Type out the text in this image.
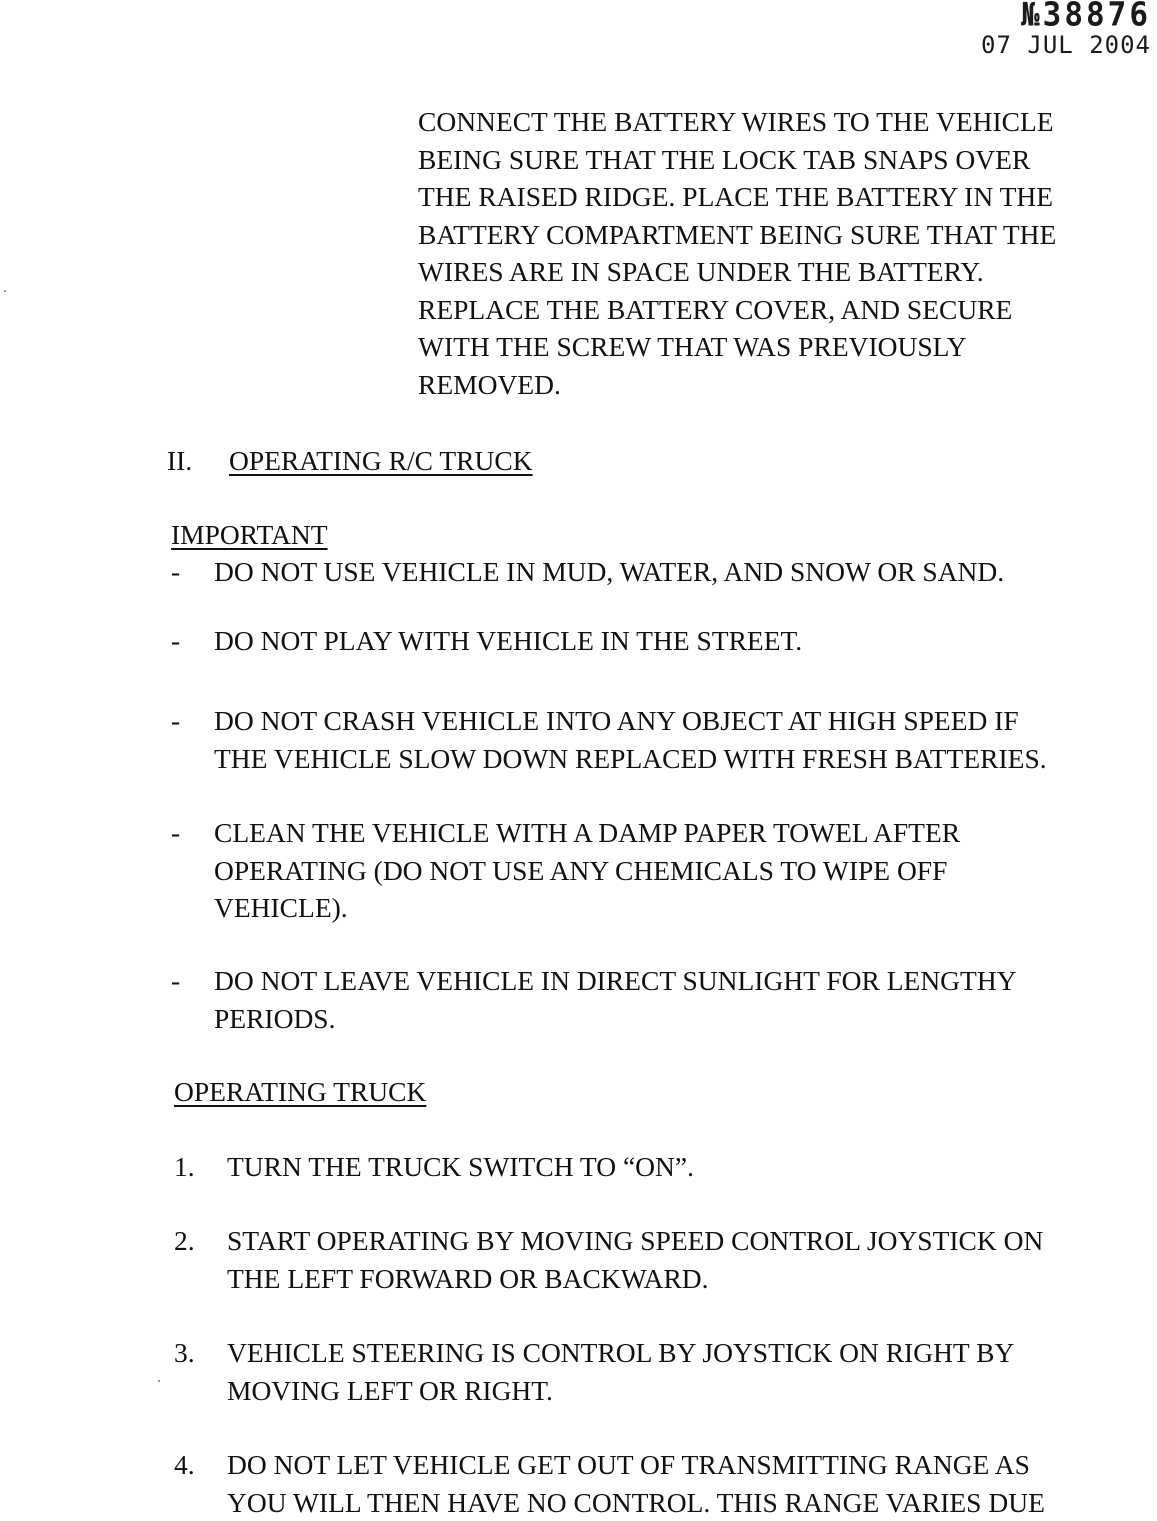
№38876
07 JUL 2004
CONNECT THE BATTERY WIRES TO THE VEHICLE
BEING SURE THAT THE LOCK TAB SNAPS OVER
THE RAISED RIDGE. PLACE THE BATTERY IN THE
BATTERY COMPARTMENT BEING SURE THAT THE
WIRES ARE IN SPACE UNDER THE BATTERY.
REPLACE THE BATTERY COVER, AND SECURE
WITH THE SCREW THAT WAS PREVIOUSLY
REMOVED.
II. OPERATING R/C TRUCK
IMPORTANT
- DO NOT USE VEHICLE IN MUD, WATER, AND SNOW OR SAND.
- DO NOT PLAY WITH VEHICLE IN THE STREET.
- DO NOT CRASH VEHICLE INTO ANY OBJECT AT HIGH SPEED IF
THE VEHICLE SLOW DOWN REPLACED WITH FRESH BATTERIES.
- CLEAN THE VEHICLE WITH A DAMP PAPER TOWEL AFTER
OPERATING (DO NOT USE ANY CHEMICALS TO WIPE OFF
VEHICLE).
- DO NOT LEAVE VEHICLE IN DIRECT SUNLIGHT FOR LENGTHY
PERIODS.
OPERATING TRUCK
1. TURN THE TRUCK SWITCH TO “ON”.
2. START OPERATING BY MOVING SPEED CONTROL JOYSTICK ON
THE LEFT FORWARD OR BACKWARD.
3. VEHICLE STEERING IS CONTROL BY JOYSTICK ON RIGHT BY
MOVING LEFT OR RIGHT.
4. DO NOT LET VEHICLE GET OUT OF TRANSMITTING RANGE AS
YOU WILL THEN HAVE NO CONTROL. THIS RANGE VARIES DUE
